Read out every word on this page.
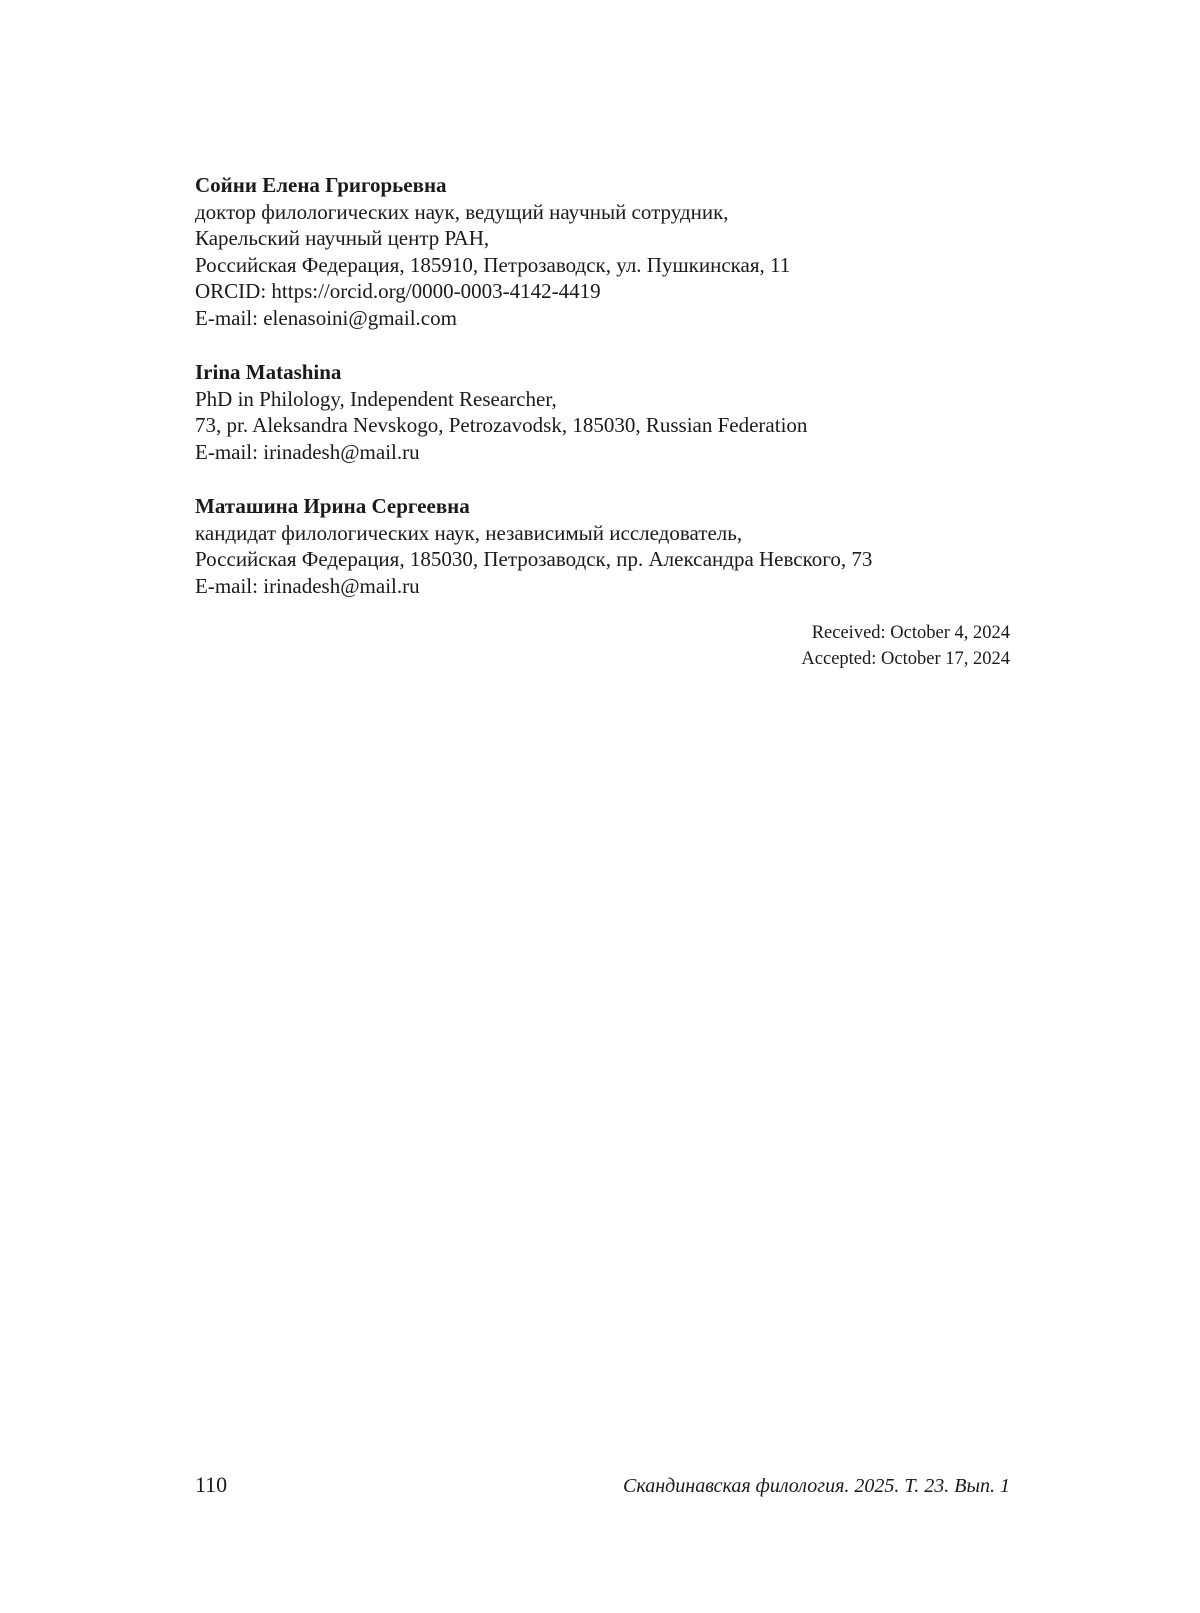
Сойни Елена Григорьевна

доктор филологических наук, ведущий научный сотрудник,

Карельский научный центр РАН,

Российская Федерация, 185910, Петрозаводск, ул. Пушкинская, 11

ORCID: https://orcid.org/0000-0003-4142-4419

E-mail: elenasoini@gmail.com

Irina Matashina

PhD in Philology, Independent Researcher,

73, pr. Aleksandra Nevskogo, Petrozavodsk, 185030, Russian Federation

E-mail: irinadesh@mail.ru

Маташина Ирина Сергеевна

кандидат филологических наук, независимый исследователь,

Российская Федерация, 185030, Петрозаводск, пр. Александра Невского, 73

E-mail: irinadesh@mail.ru

Received: October 4, 2024

Accepted: October 17, 2024

110	Скандинавская филология. 2025. Т. 23. Вып. 1
